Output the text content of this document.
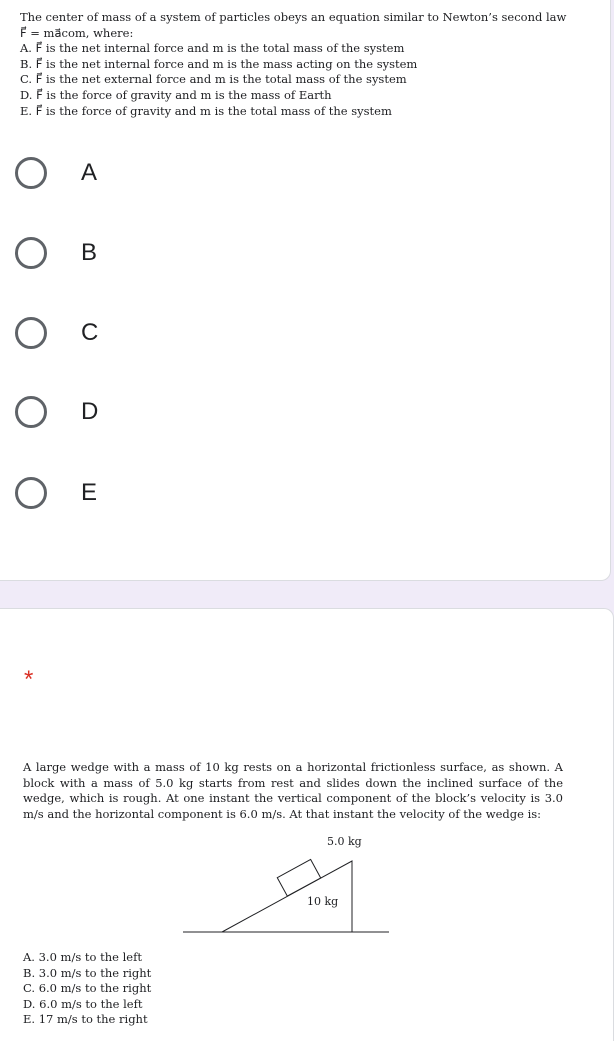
The center of mass of a system of particles obeys an equation similar to Newton’s second law
F⃗ = ma⃗com, where:
A. F⃗ is the net internal force and m is the total mass of the system
B. F⃗ is the net internal force and m is the mass acting on the system
C. F⃗ is the net external force and m is the total mass of the system
D. F⃗ is the force of gravity and m is the mass of Earth
E. F⃗ is the force of gravity and m is the total mass of the system
A
B
C
D
E
*
A large wedge with a mass of 10 kg rests on a horizontal frictionless surface, as shown. A block with a mass of 5.0 kg starts from rest and slides down the inclined surface of the wedge, which is rough. At one instant the vertical component of the block’s velocity is 3.0 m/s and the horizontal component is 6.0 m/s. At that instant the velocity of the wedge is:
5.0 kg
10 kg
A. 3.0 m/s to the left
B. 3.0 m/s to the right
C. 6.0 m/s to the right
D. 6.0 m/s to the left
E. 17 m/s to the right
